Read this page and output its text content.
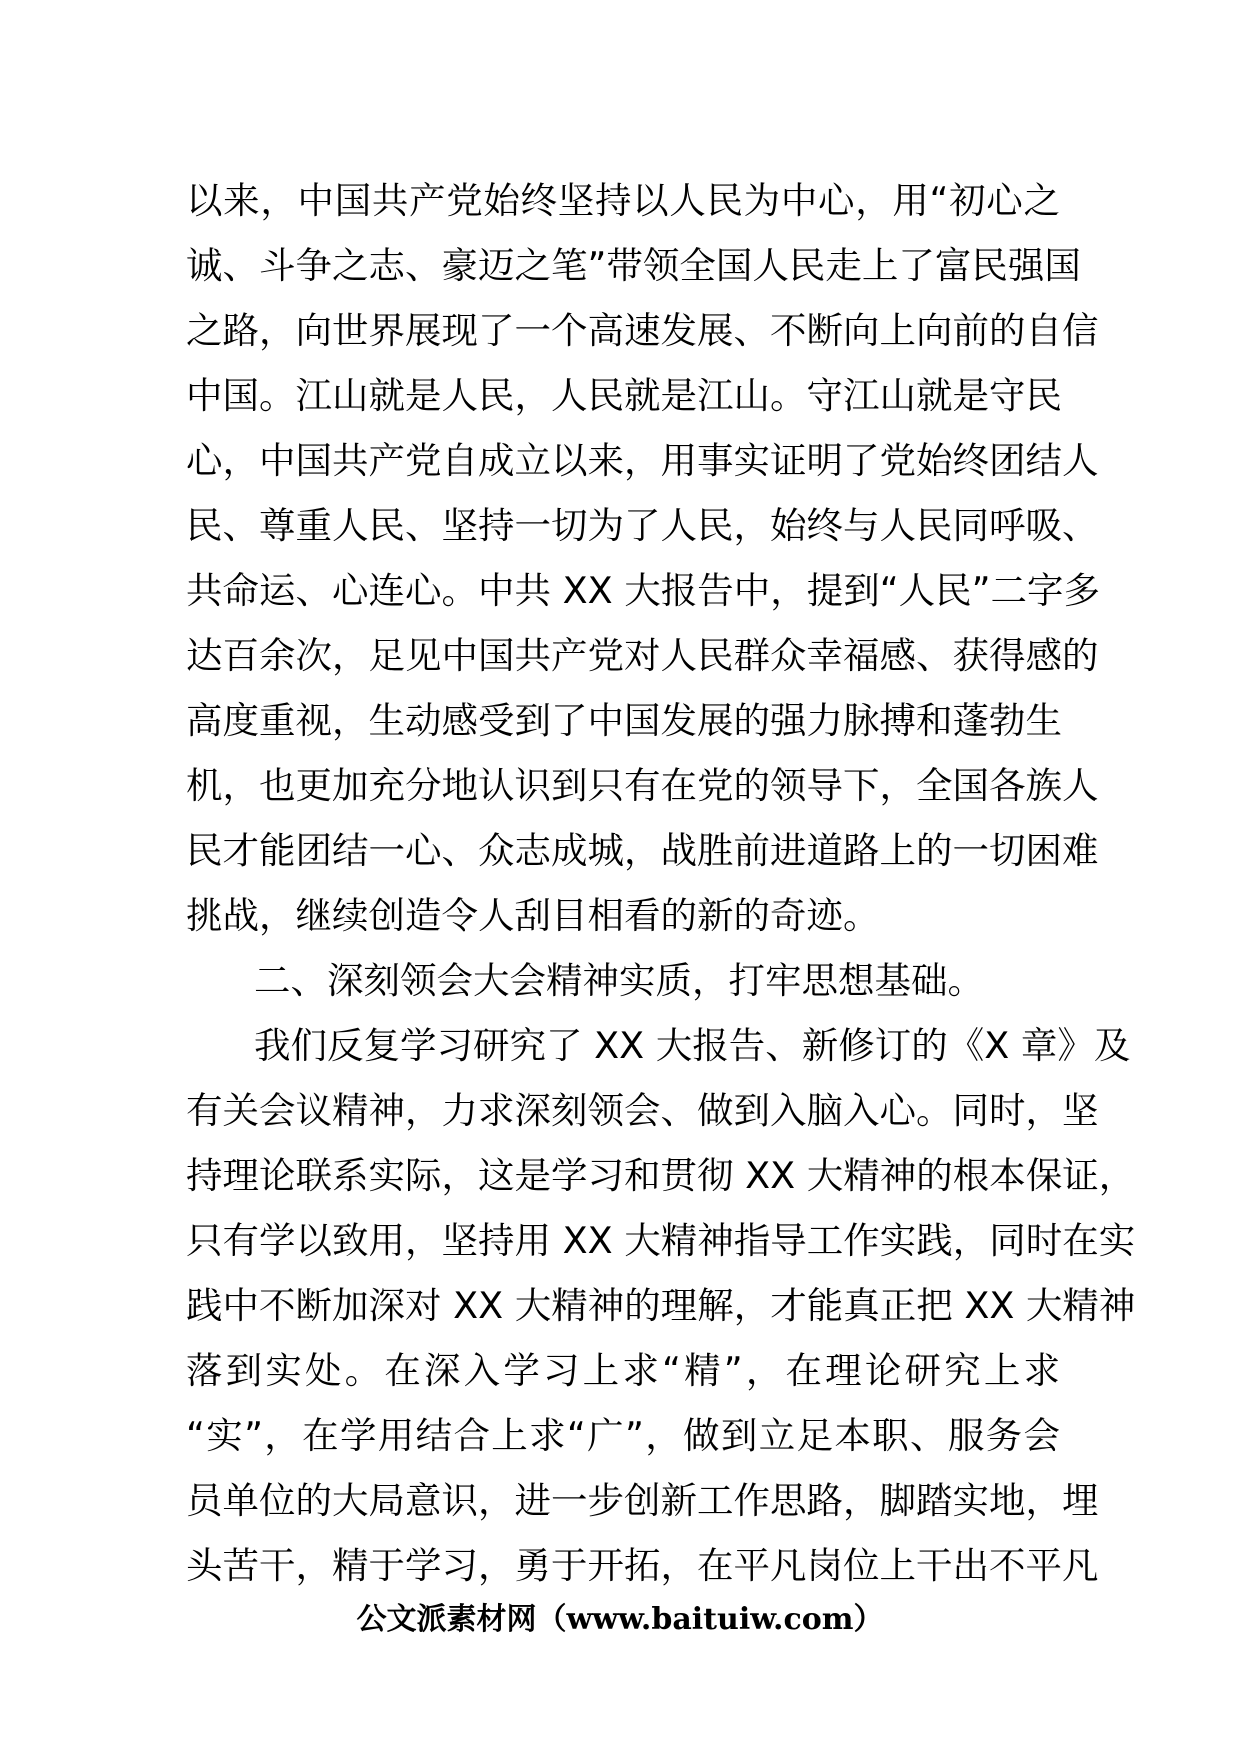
以来，中国共产党始终坚持以人民为中心，用“初心之
诚、斗争之志、豪迈之笔”带领全国人民走上了富民强国
之路，向世界展现了一个高速发展、不断向上向前的自信
中国。江山就是人民，人民就是江山。守江山就是守民
心，中国共产党自成立以来，用事实证明了党始终团结人
民、尊重人民、坚持一切为了人民，始终与人民同呼吸、
共命运、心连心。中共 XX 大报告中，提到“人民”二字多
达百余次，足见中国共产党对人民群众幸福感、获得感的
高度重视，生动感受到了中国发展的强力脉搏和蓬勃生
机，也更加充分地认识到只有在党的领导下，全国各族人
民才能团结一心、众志成城，战胜前进道路上的一切困难
挑战，继续创造令人刮目相看的新的奇迹。
二、深刻领会大会精神实质，打牢思想基础。
我们反复学习研究了 XX 大报告、新修订的《X 章》及
有关会议精神，力求深刻领会、做到入脑入心。同时，坚
持理论联系实际，这是学习和贯彻 XX 大精神的根本保证，
只有学以致用，坚持用 XX 大精神指导工作实践，同时在实
践中不断加深对 XX 大精神的理解，才能真正把 XX 大精神
落到实处。在深入学习上求“精”，在理论研究上求
“实”，在学用结合上求“广”，做到立足本职、服务会
员单位的大局意识，进一步创新工作思路，脚踏实地，埋
头苦干，精于学习，勇于开拓，在平凡岗位上干出不平凡
公文派素材网（www.baituiw.com）
